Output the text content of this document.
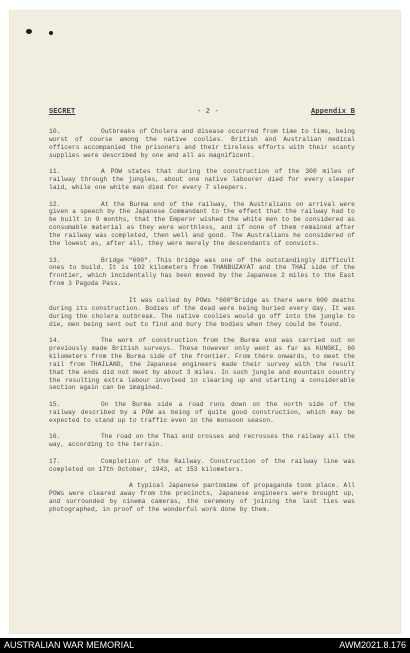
SECRET	- 2 -	Appendix B

10.	Outbreaks of Cholera and disease occurred from time to time, being worst of course among the native coolies. British and Australian medical officers accompanied the prisoners and their tireless efforts with their scanty supplies were described by one and all as magnificent.

11.	A POW states that during the construction of the 300 miles of railway through the jungles, about one native labourer died for every sleeper laid, while one white man died for every 7 sleepers.

12.	At the Burma end of the railway, the Australians on arrival were given a speech by the Japanese Commandant to the effect that the railway had to be built in 9 months, that the Emperor wished the white men to be considered as consumable material as they were worthless, and if none of them remained after the railway was completed, then well and good. The Australians he considered of the lowest as, after all, they were merely the descendants of convicts.

13.	Bridge "600". This bridge was one of the outstandingly difficult ones to build. It is 102 kilometers from THANBUZAYAT and the THAI side of the frontier, which incidentally has been moved by the Japanese 2 miles to the East from 3 Pagoda Pass.

It was called by POWs "600"Bridge as there were 600 deaths during its construction. Bodies of the dead were being buried every day. It was during the cholera outbreak. The native coolies would go off into the jungle to die, men being sent out to find and bury the bodies when they could be found.

14.	The work of construction from the Burma end was carried out on previously made British surveys. These however only went as far as KUNGKI, 60 kilometers from the Burma side of the frontier. From there onwards, to meet the rail from THAILAND, the Japanese engineers made their survey with the result that the ends did not meet by about 3 miles. In such jungle and mountain country the resulting extra labour involved in clearing up and starting a considerable section again can be imagined.

15.	On the Burma side a road runs down on the north side of the railway described by a POW as being of quite good construction, which may be expected to stand up to traffic even in the monsoon season.

16.	The road on the Thai end crosses and recrosses the railway all the way, according to the terrain.

17.	Completion of the Railway. Construction of the railway line was completed on 17th October, 1943, at 153 kilometers.

A typical Japanese pantomime of propaganda took place. All POWs were cleared away from the precincts, Japanese engineers were brought up, and surrounded by cinema cameras, the ceremony of joining the last ties was photographed, in proof of the wonderful work done by them.

AUSTRALIAN WAR MEMORIAL	AWM2021.8.176
